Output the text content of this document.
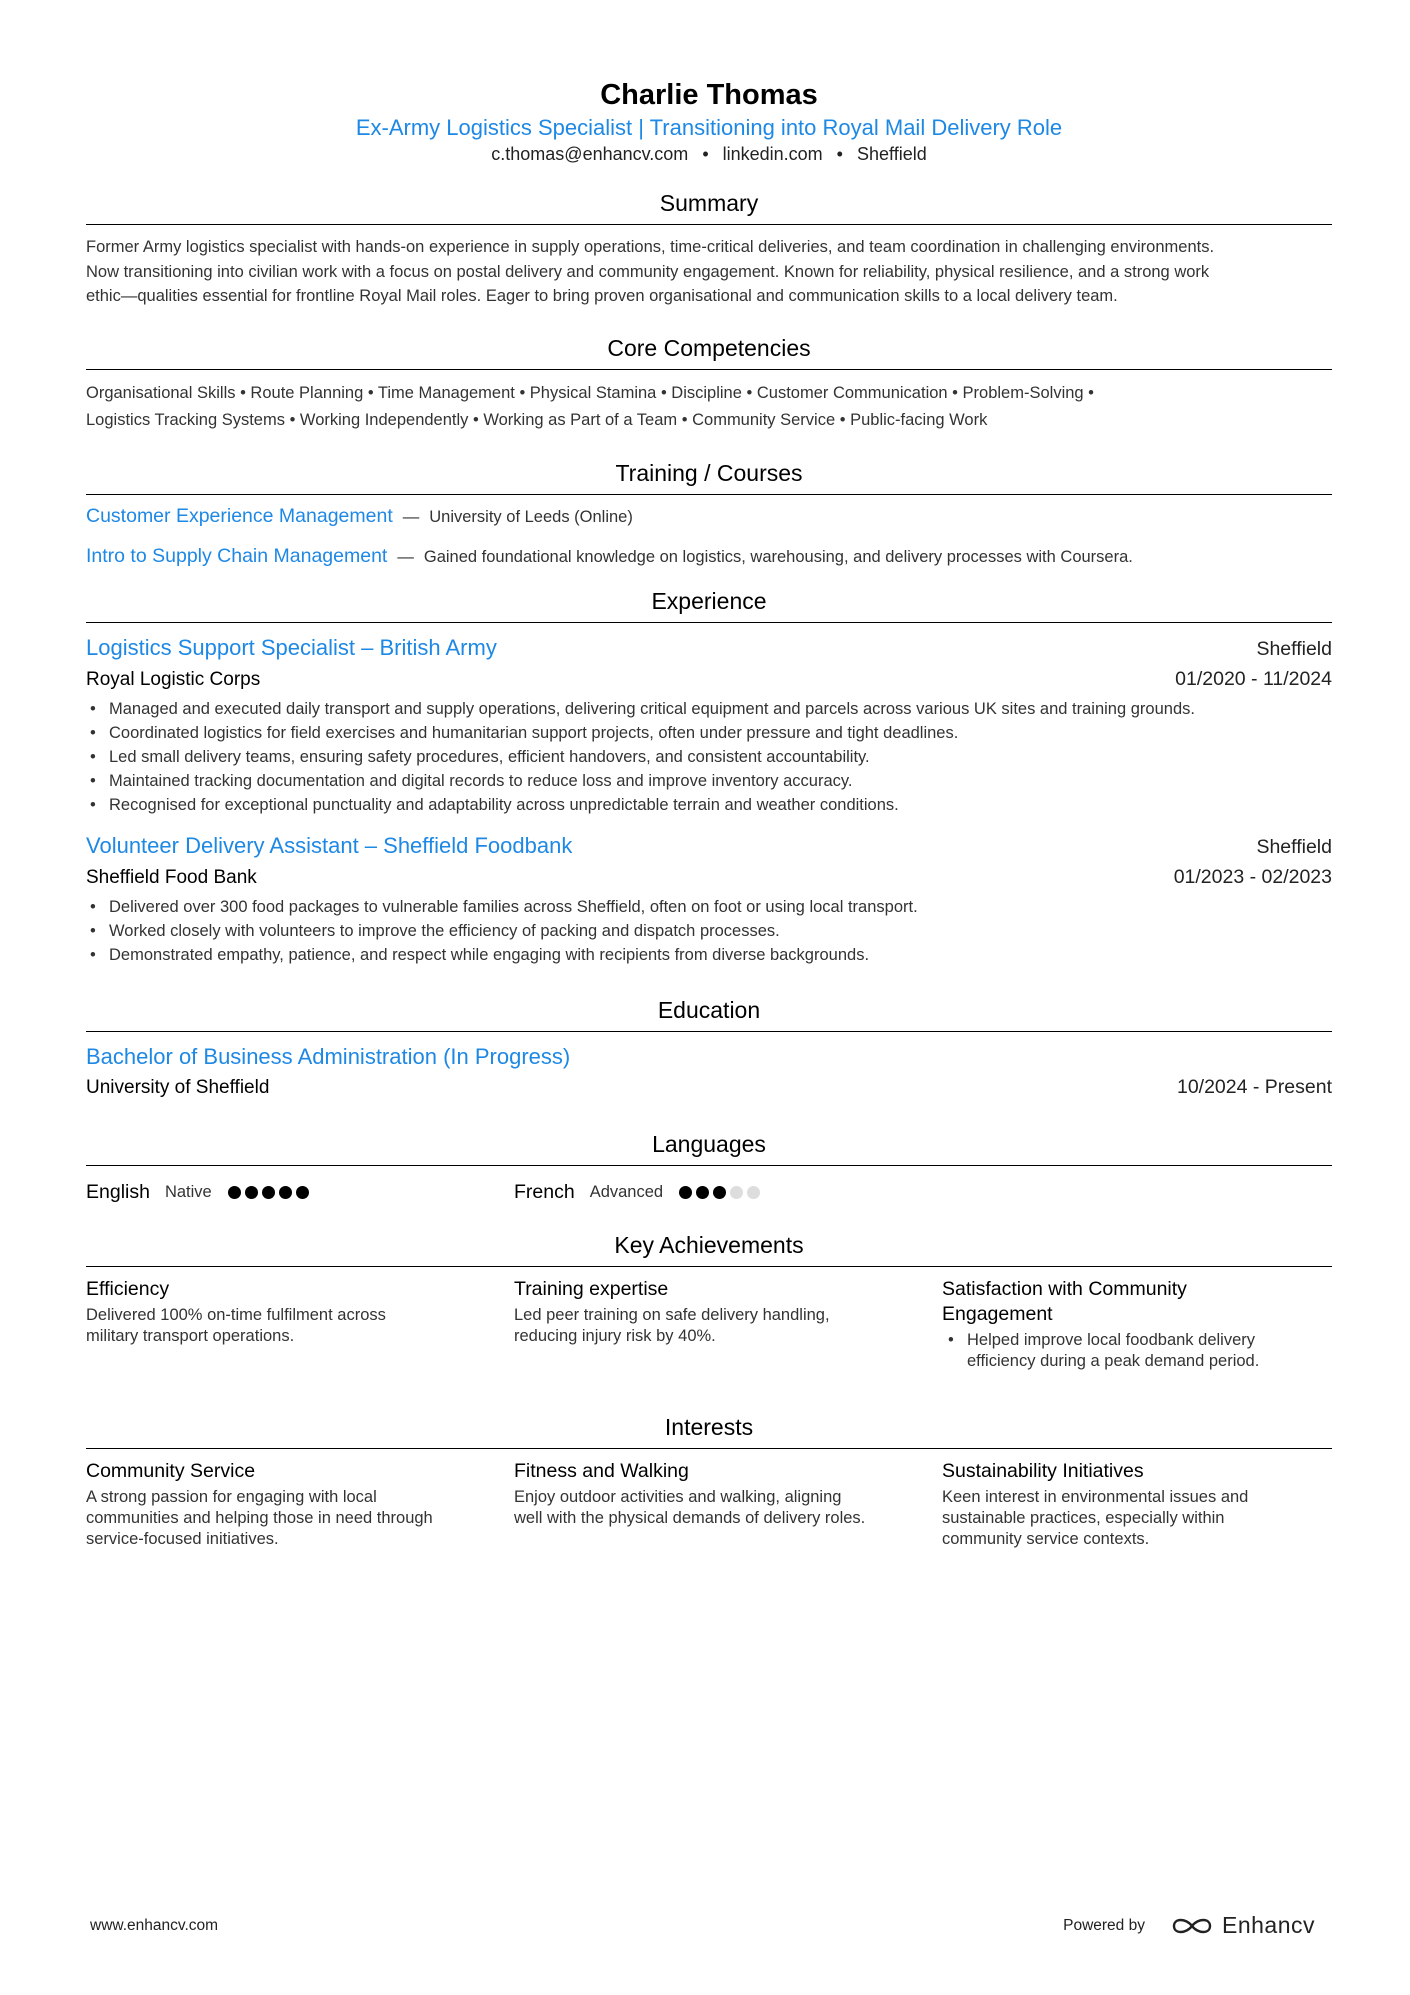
Charlie Thomas
Ex-Army Logistics Specialist | Transitioning into Royal Mail Delivery Role
c.thomas@enhancv.com • linkedin.com • Sheffield
Summary
Former Army logistics specialist with hands-on experience in supply operations, time-critical deliveries, and team coordination in challenging environments.
Now transitioning into civilian work with a focus on postal delivery and community engagement. Known for reliability, physical resilience, and a strong work
ethic—qualities essential for frontline Royal Mail roles. Eager to bring proven organisational and communication skills to a local delivery team.
Core Competencies
Organisational Skills • Route Planning • Time Management • Physical Stamina • Discipline • Customer Communication • Problem-Solving •
Logistics Tracking Systems • Working Independently • Working as Part of a Team • Community Service • Public-facing Work
Training / Courses
Customer Experience Management — University of Leeds (Online)
Intro to Supply Chain Management — Gained foundational knowledge on logistics, warehousing, and delivery processes with Coursera.
Experience
Logistics Support Specialist – British Army	Sheffield
Royal Logistic Corps	01/2020 - 11/2024
• Managed and executed daily transport and supply operations, delivering critical equipment and parcels across various UK sites and training grounds.
• Coordinated logistics for field exercises and humanitarian support projects, often under pressure and tight deadlines.
• Led small delivery teams, ensuring safety procedures, efficient handovers, and consistent accountability.
• Maintained tracking documentation and digital records to reduce loss and improve inventory accuracy.
• Recognised for exceptional punctuality and adaptability across unpredictable terrain and weather conditions.
Volunteer Delivery Assistant – Sheffield Foodbank	Sheffield
Sheffield Food Bank	01/2023 - 02/2023
• Delivered over 300 food packages to vulnerable families across Sheffield, often on foot or using local transport.
• Worked closely with volunteers to improve the efficiency of packing and dispatch processes.
• Demonstrated empathy, patience, and respect while engaging with recipients from diverse backgrounds.
Education
Bachelor of Business Administration (In Progress)
University of Sheffield	10/2024 - Present
Languages
English Native	French Advanced
Key Achievements
Efficiency
Delivered 100% on-time fulfilment across
military transport operations.
Training expertise
Led peer training on safe delivery handling,
reducing injury risk by 40%.
Satisfaction with Community
Engagement
• Helped improve local foodbank delivery
efficiency during a peak demand period.
Interests
Community Service
A strong passion for engaging with local
communities and helping those in need through
service-focused initiatives.
Fitness and Walking
Enjoy outdoor activities and walking, aligning
well with the physical demands of delivery roles.
Sustainability Initiatives
Keen interest in environmental issues and
sustainable practices, especially within
community service contexts.
www.enhancv.com	Powered by	Enhancv
